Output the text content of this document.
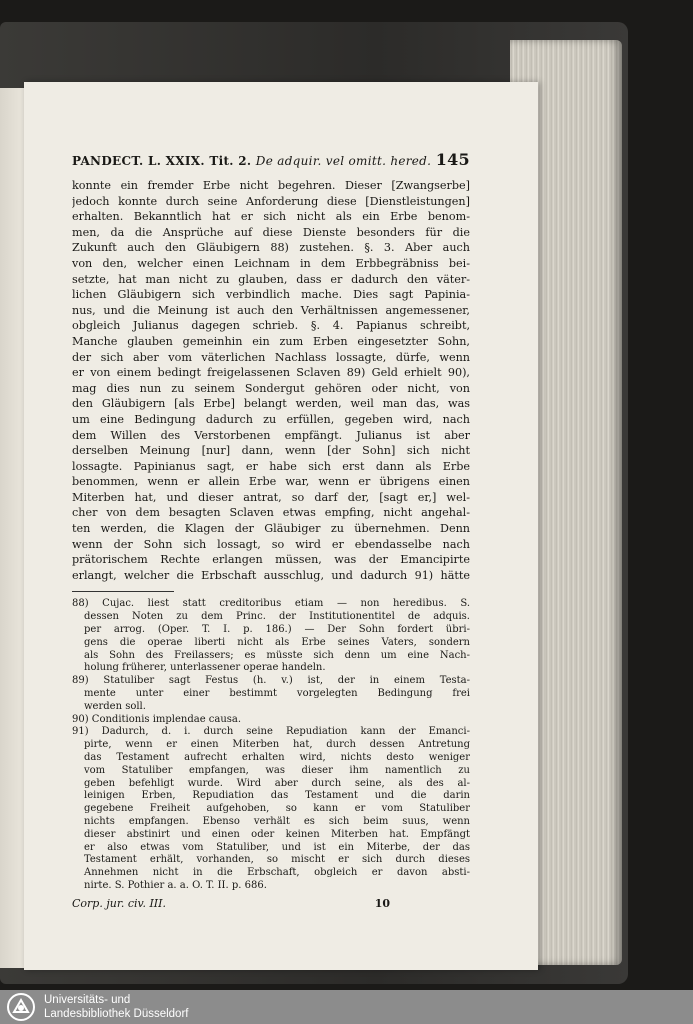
PANDECT. L. XXIX. Tit. 2. De adquir. vel omitt. hered. 145
konnte ein fremder Erbe nicht begehren. Dieser [Zwangserbe]
jedoch konnte durch seine Anforderung diese [Dienstleistungen]
erhalten. Bekanntlich hat er sich nicht als ein Erbe benom-
men, da die Ansprüche auf diese Dienste besonders für die
Zukunft auch den Gläubigern 88) zustehen. §. 3. Aber auch
von den, welcher einen Leichnam in dem Erbbegräbniss bei-
setzte, hat man nicht zu glauben, dass er dadurch den väter-
lichen Gläubigern sich verbindlich mache. Dies sagt Papinia-
nus, und die Meinung ist auch den Verhältnissen angemessener,
obgleich Julianus dagegen schrieb. §. 4. Papianus schreibt,
Manche glauben gemeinhin ein zum Erben eingesetzter Sohn,
der sich aber vom väterlichen Nachlass lossagte, dürfe, wenn
er von einem bedingt freigelassenen Sclaven 89) Geld erhielt 90),
mag dies nun zu seinem Sondergut gehören oder nicht, von
den Gläubigern [als Erbe] belangt werden, weil man das, was
um eine Bedingung dadurch zu erfüllen, gegeben wird, nach
dem Willen des Verstorbenen empfängt. Julianus ist aber
derselben Meinung [nur] dann, wenn [der Sohn] sich nicht
lossagte. Papinianus sagt, er habe sich erst dann als Erbe
benommen, wenn er allein Erbe war, wenn er übrigens einen
Miterben hat, und dieser antrat, so darf der, [sagt er,] wel-
cher von dem besagten Sclaven etwas empfing, nicht angehal-
ten werden, die Klagen der Gläubiger zu übernehmen. Denn
wenn der Sohn sich lossagt, so wird er ebendasselbe nach
prätorischem Rechte erlangen müssen, was der Emancipirte
erlangt, welcher die Erbschaft ausschlug, und dadurch 91) hätte
88) Cujac. liest statt creditoribus etiam — non heredibus. S.
dessen Noten zu dem Princ. der Institutionentitel de adquis.
per arrog. (Oper. T. I. p. 186.) — Der Sohn fordert übri-
gens die operae liberti nicht als Erbe seines Vaters, sondern
als Sohn des Freilassers; es müsste sich denn um eine Nach-
holung früherer, unterlassener operae handeln.
89) Statuliber sagt Festus (h. v.) ist, der in einem Testa-
mente unter einer bestimmt vorgelegten Bedingung frei
werden soll.
90) Conditionis implendae causa.
91) Dadurch, d. i. durch seine Repudiation kann der Emanci-
pirte, wenn er einen Miterben hat, durch dessen Antretung
das Testament aufrecht erhalten wird, nichts desto weniger
vom Statuliber empfangen, was dieser ihm namentlich zu
geben befehligt wurde. Wird aber durch seine, als des al-
leinigen Erben, Repudiation das Testament und die darin
gegebene Freiheit aufgehoben, so kann er vom Statuliber
nichts empfangen. Ebenso verhält es sich beim suus, wenn
dieser abstinirt und einen oder keinen Miterben hat. Empfängt
er also etwas vom Statuliber, und ist ein Miterbe, der das
Testament erhält, vorhanden, so mischt er sich durch dieses
Annehmen nicht in die Erbschaft, obgleich er davon absti-
nirte. S. Pothier a. a. O. T. II. p. 686.
Corp. jur. civ. III.	10
Universitäts- und
Landesbibliothek Düsseldorf
